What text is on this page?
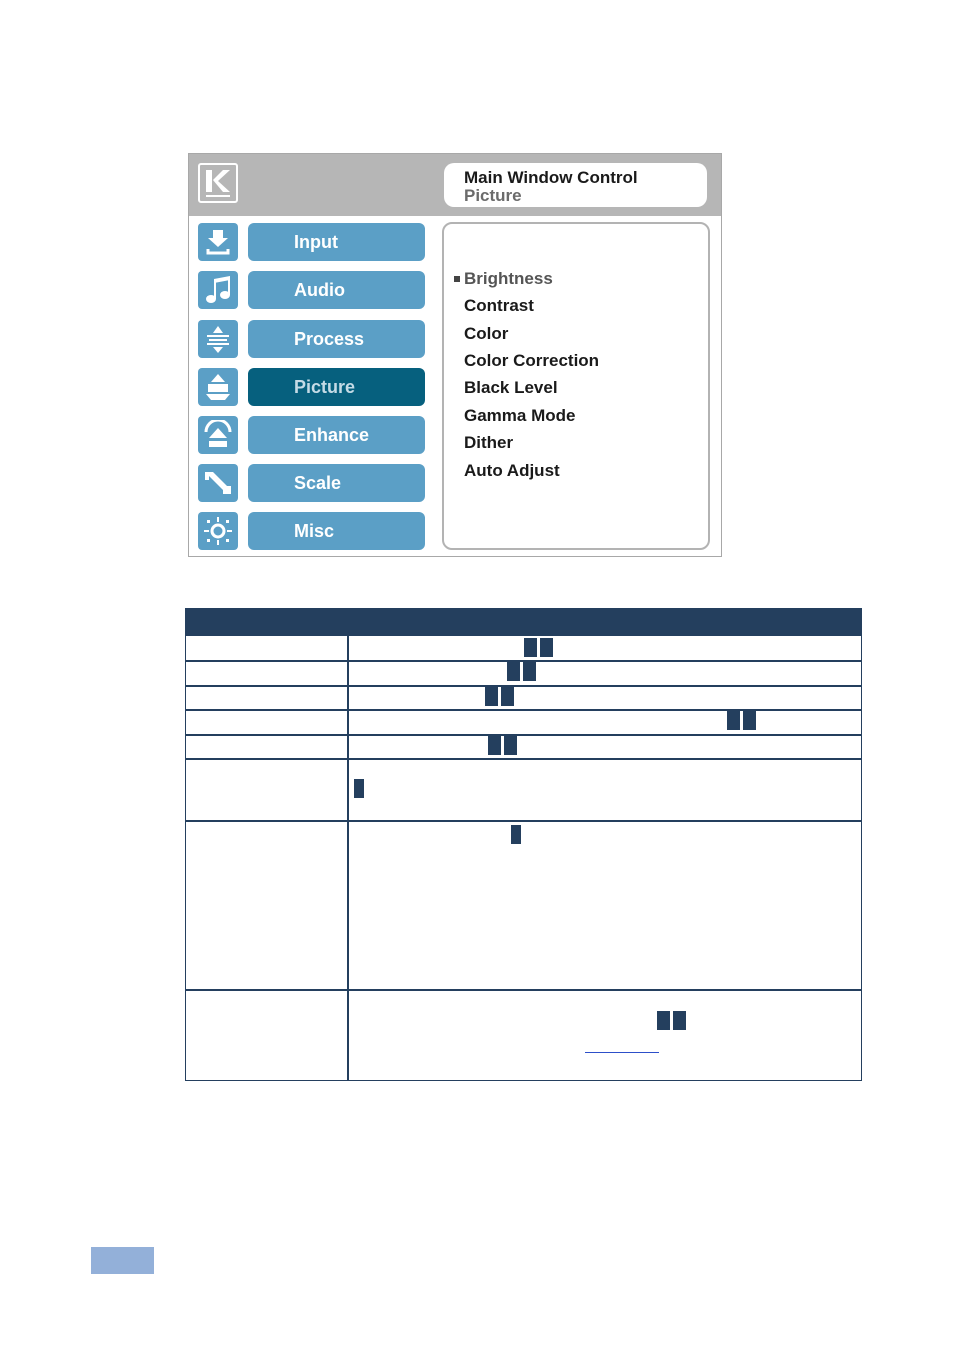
Main Window Control
Picture
Input
Audio
Process
Picture
Enhance
Scale
Misc
Brightness
Contrast
Color
Color Correction
Black Level
Gamma Mode
Dither
Auto Adjust
